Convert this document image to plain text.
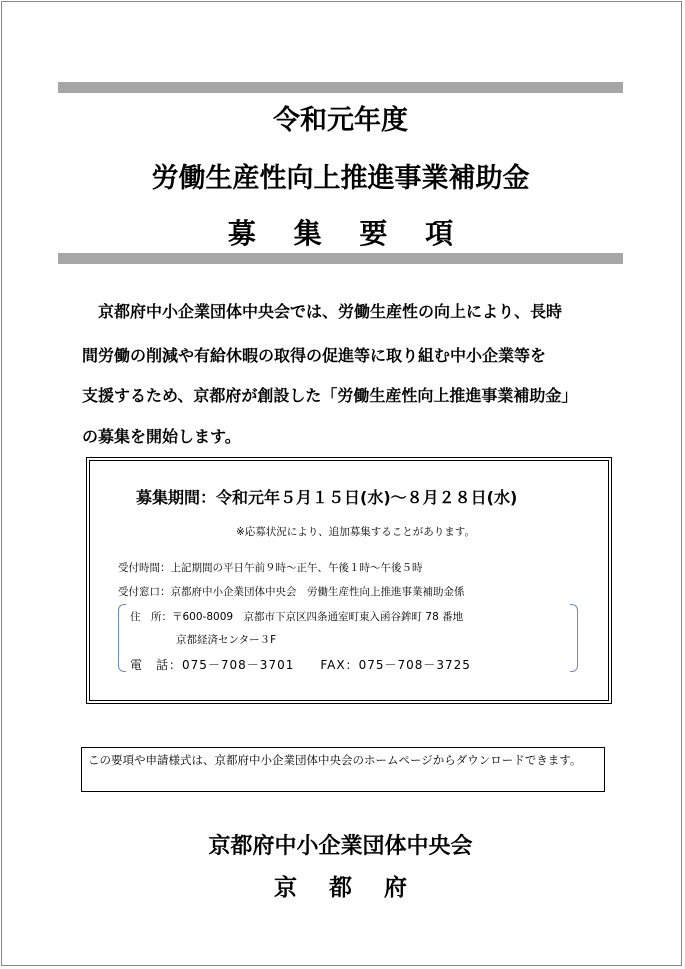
令和元年度
労働生産性向上推進事業補助金
募 集 要 項
京都府中小企業団体中央会では、労働生産性の向上により、長時
間労働の削減や有給休暇の取得の促進等に取り組む中小企業等を
支援するため、京都府が創設した「労働生産性向上推進事業補助金」
の募集を開始します。
募集期間：令和元年５月１５日(水)～８月２８日(水)
※応募状況により、追加募集することがあります。
受付時間：上記期間の平日午前９時～正午、午後１時～午後５時
受付窓口：京都府中小企業団体中央会　労働生産性向上推進事業補助金係
住　所：〒600-8009　京都市下京区四条通室町東入函谷鉾町 78 番地
京都経済センター３F
電　話：075－708－3701　　FAX：075－708－3725
この要項や申請様式は、京都府中小企業団体中央会のホームページからダウンロードできます。
京都府中小企業団体中央会
京 都 府
